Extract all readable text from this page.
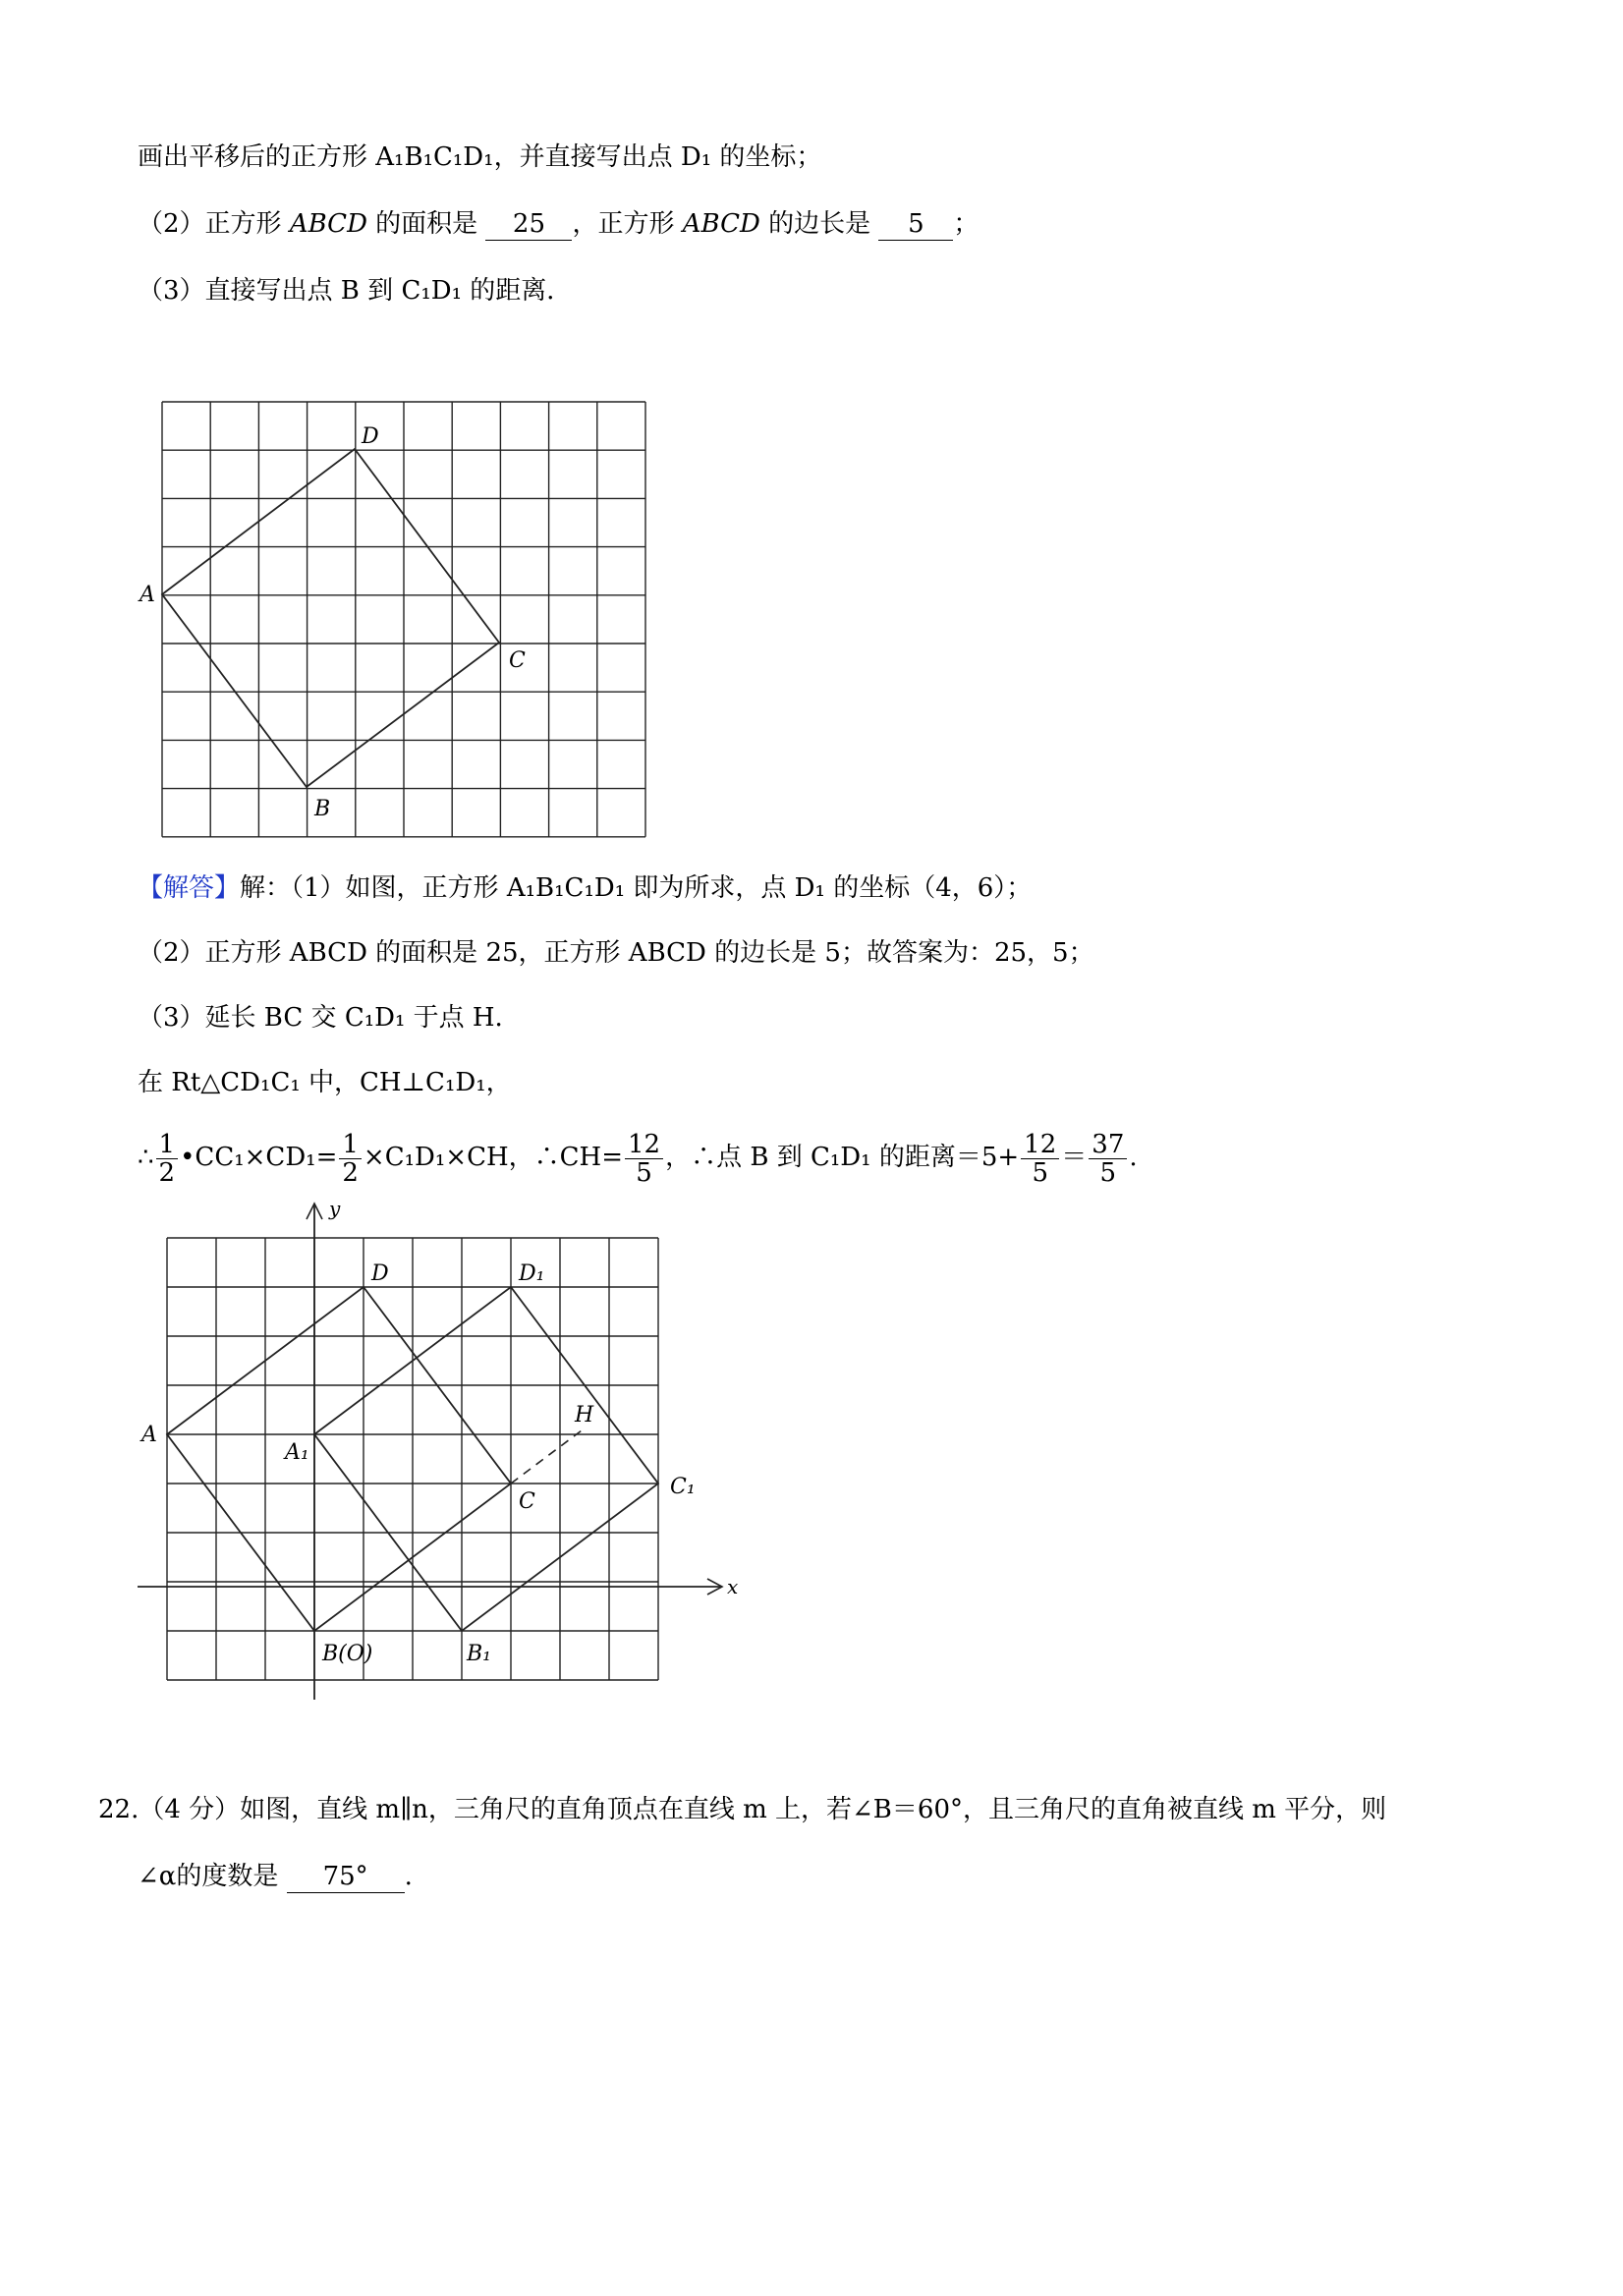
画出平移后的正方形 A₁B₁C₁D₁，并直接写出点 D₁ 的坐标；
（2）正方形 ABCD 的面积是 25 ，正方形 ABCD 的边长是 5 ；
（3）直接写出点 B 到 C₁D₁ 的距离．
D
A
C
B
【解答】解：（1）如图，正方形 A₁B₁C₁D₁ 即为所求，点 D₁ 的坐标（4，6）；
（2）正方形 ABCD 的面积是 25，正方形 ABCD 的边长是 5；故答案为：25，5；
（3）延长 BC 交 C₁D₁ 于点 H．
在 Rt△CD₁C₁ 中，CH⊥C₁D₁，
∴ $\frac{1}{2}$ •CC₁×CD₁= $\frac{1}{2} \times C_1D_1\times CH$，∴CH= $\frac{12}{5}$ ，∴点 B 到 C₁D₁ 的距离$=5+ \frac{12}{5} = \frac{37}{5}$ .
y
x
D	D₁
A
A₁
H
C
C₁
B(O)	B₁
22.（4 分）如图，直线 m∥n，三角尺的直角顶点在直线 m 上，若∠B＝60°，且三角尺的直角被直线 m 平分，则
∠α的度数是 75° .
